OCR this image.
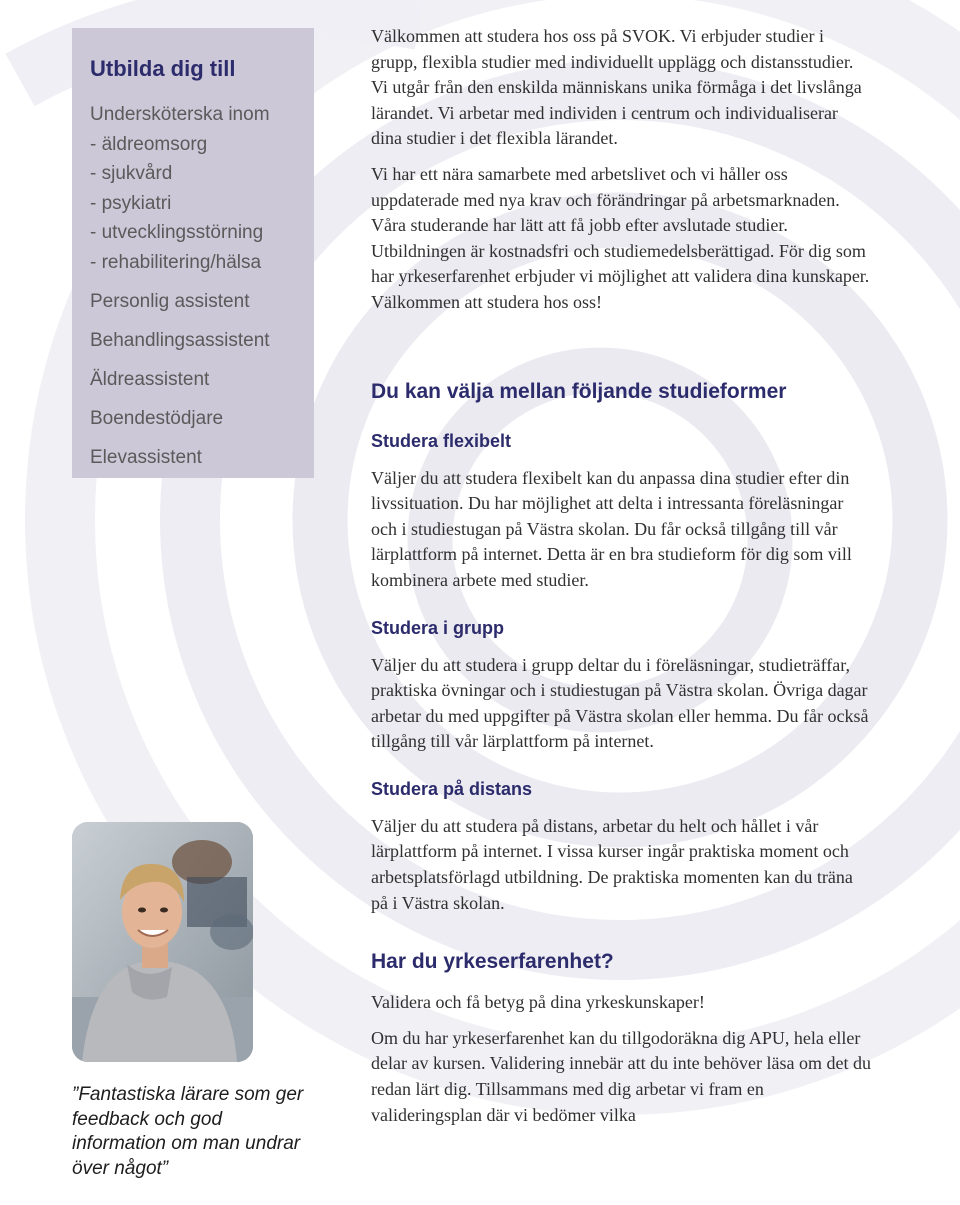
Utbilda dig till
Undersköterska inom
- äldreomsorg
- sjukvård
- psykiatri
- utvecklingsstörning
- rehabilitering/hälsa
Personlig assistent
Behandlingsassistent
Äldreassistent
Boendestödjare
Elevassistent

”Fantastiska lärare som ger feedback och god information om man undrar över något”

Välkommen att studera hos oss på SVOK. Vi erbjuder studier i grupp, flexibla studier med individuellt upplägg och distansstudier. Vi utgår från den enskilda människans unika förmåga i det livslånga lärandet. Vi arbetar med individen i centrum och individualiserar dina studier i det flexibla lärandet.

Vi har ett nära samarbete med arbetslivet och vi håller oss uppdaterade med nya krav och förändringar på arbetsmarknaden. Våra studerande har lätt att få jobb efter avslutade studier. Utbildningen är kostnadsfri och studiemedelsberättigad. För dig som har yrkeserfarenhet erbjuder vi möjlighet att validera dina kunskaper. Välkommen att studera hos oss!

Du kan välja mellan följande studieformer
Studera flexibelt

Väljer du att studera flexibelt kan du anpassa dina studier efter din livssituation. Du har möjlighet att delta i intressanta föreläsningar och i studiestugan på Västra skolan. Du får också tillgång till vår lärplattform på internet. Detta är en bra studieform för dig som vill kombinera arbete med studier.

Studera i grupp

Väljer du att studera i grupp deltar du i föreläsningar, studieträffar, praktiska övningar och i studiestugan på Västra skolan. Övriga dagar arbetar du med uppgifter på Västra skolan eller hemma. Du får också tillgång till vår lärplattform på internet.

Studera på distans

Väljer du att studera på distans, arbetar du helt och hållet i vår lärplattform på internet. I vissa kurser ingår praktiska moment och arbetsplatsförlagd utbildning. De praktiska momenten kan du träna på i Västra skolan.

Har du yrkeserfarenhet?

Validera och få betyg på dina yrkeskunskaper!

Om du har yrkeserfarenhet kan du tillgodoräkna dig APU, hela eller delar av kursen. Validering innebär att du inte behöver läsa om det du redan lärt dig. Tillsammans med dig arbetar vi fram en valideringsplan där vi bedömer vilka
